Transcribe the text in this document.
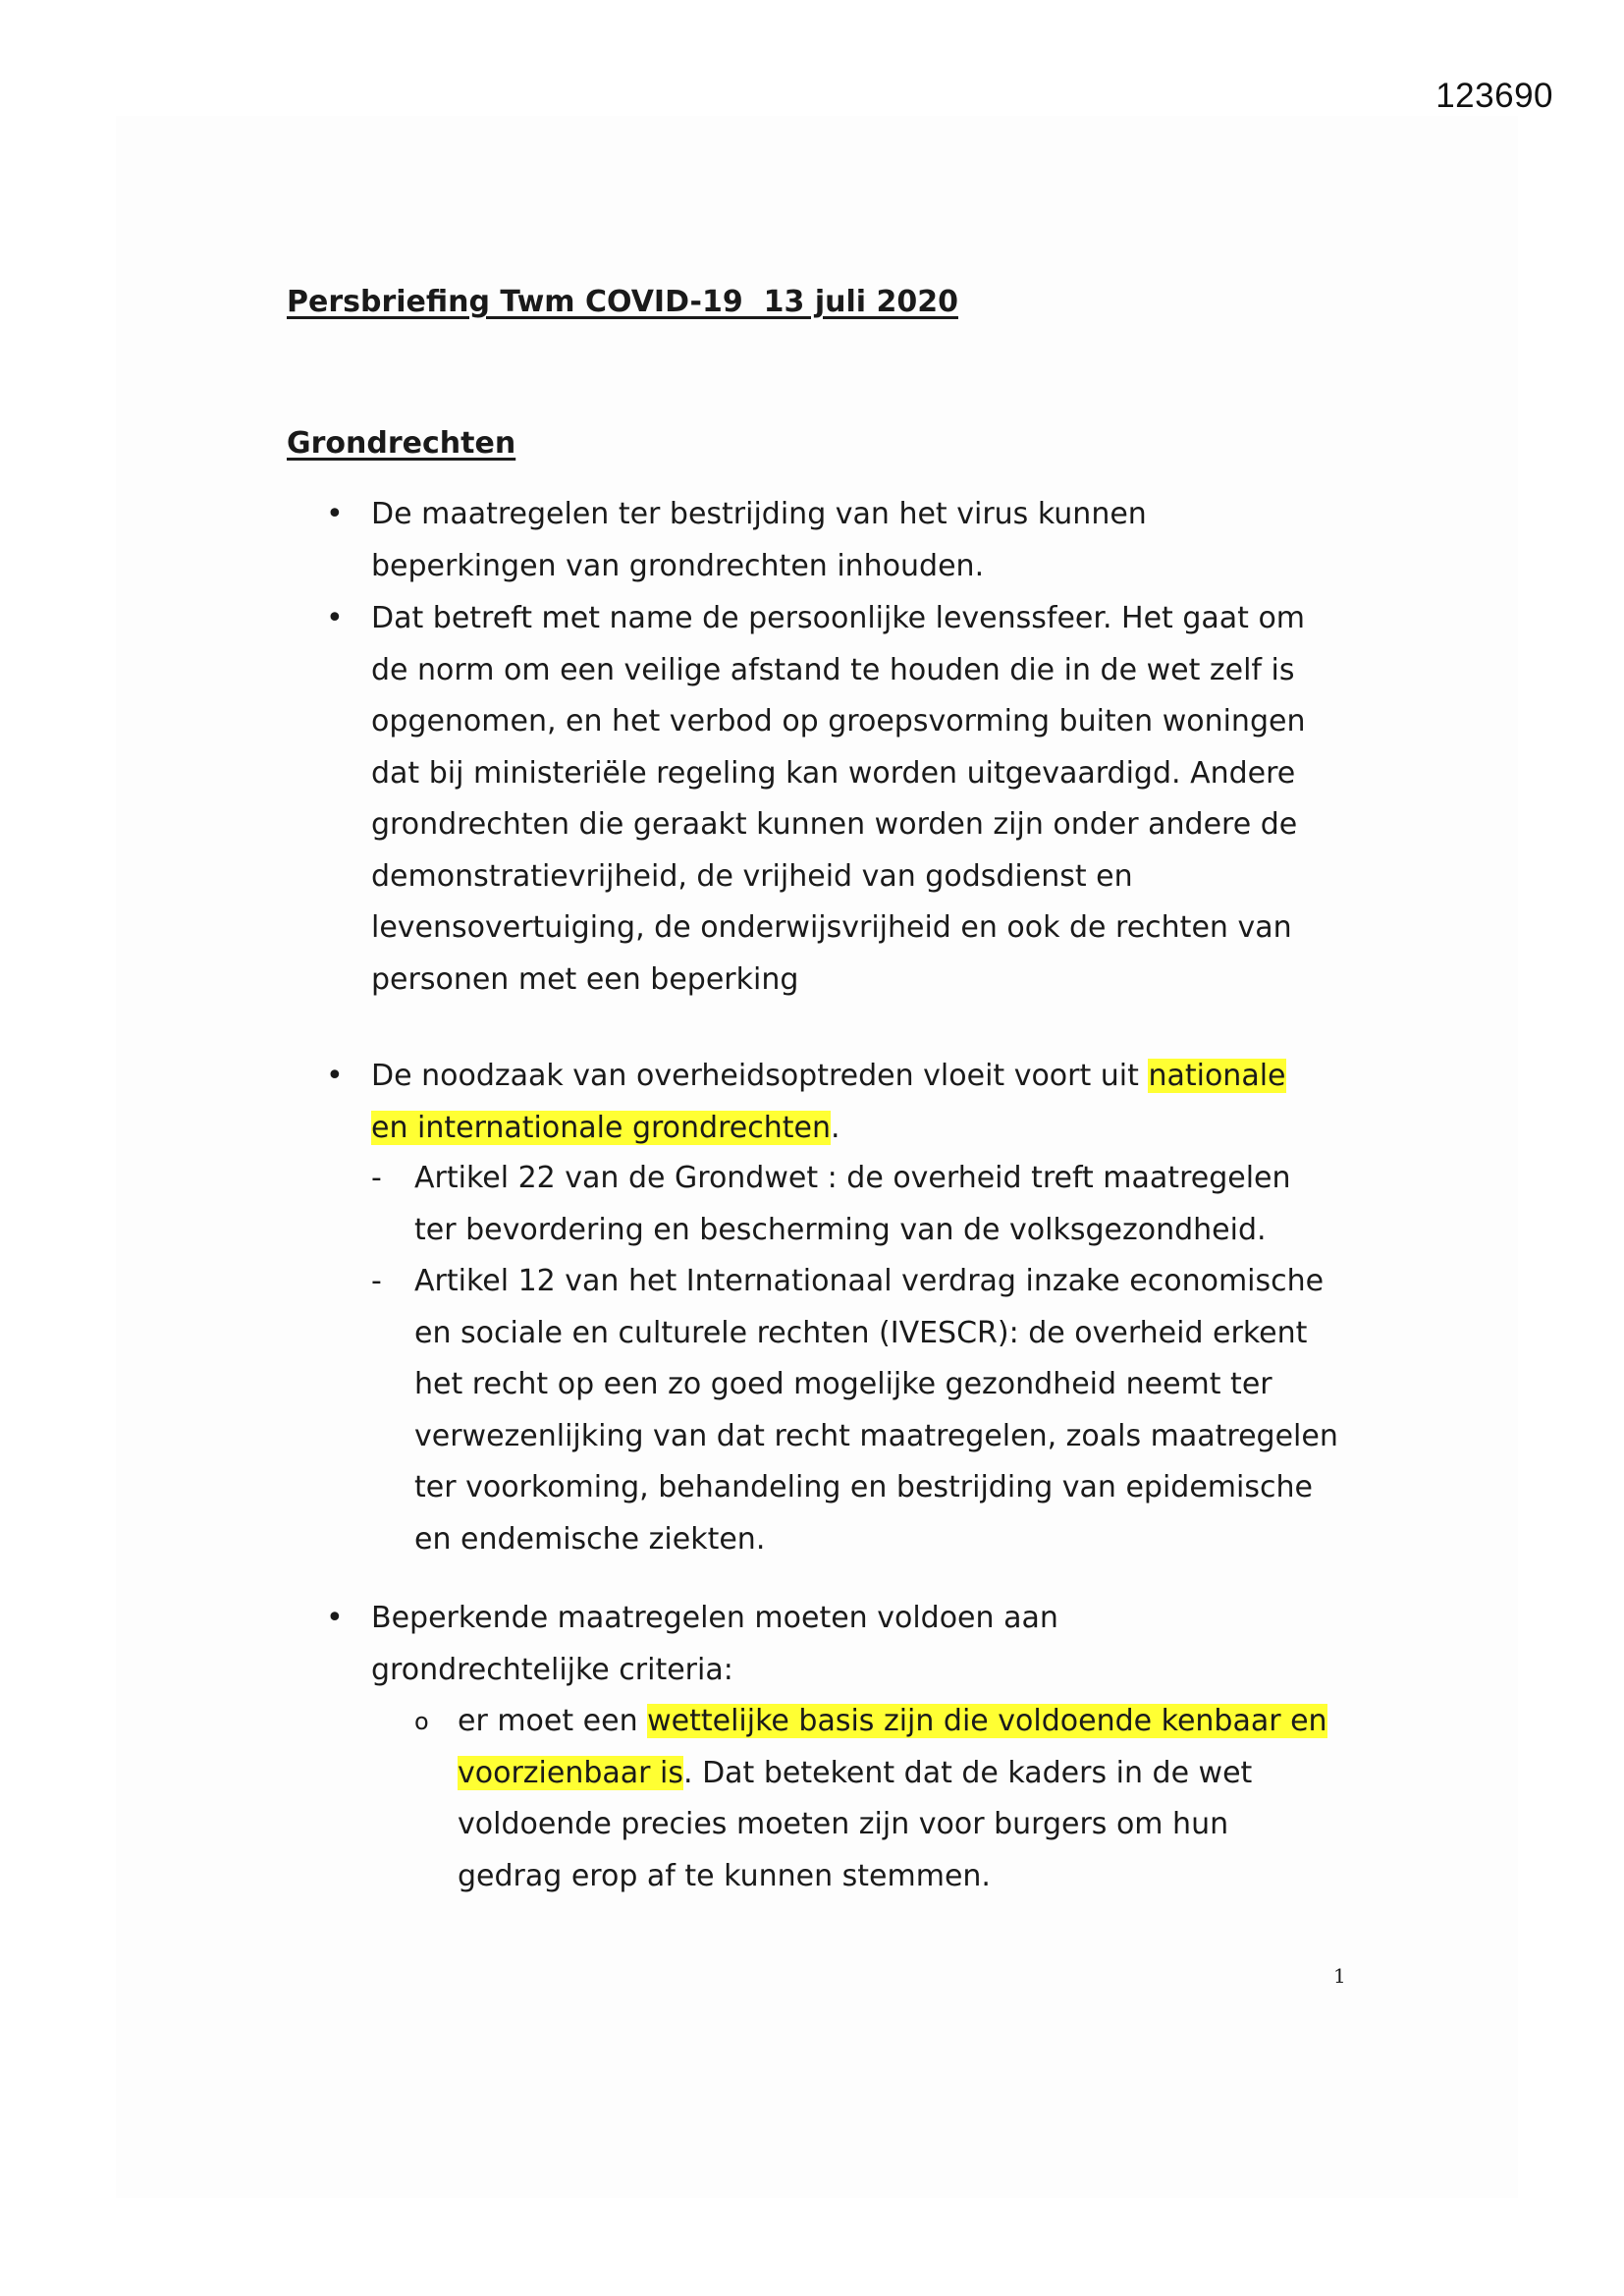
123690
Persbriefing Twm COVID-19  13 juli 2020
Grondrechten
• De maatregelen ter bestrijding van het virus kunnen beperkingen van grondrechten inhouden.

• Dat betreft met name de persoonlijke levenssfeer. Het gaat om de norm om een veilige afstand te houden die in de wet zelf is opgenomen, en het verbod op groepsvorming buiten woningen dat bij ministeriële regeling kan worden uitgevaardigd. Andere grondrechten die geraakt kunnen worden zijn onder andere de demonstratievrijheid, de vrijheid van godsdienst en levensovertuiging, de onderwijsvrijheid en ook de rechten van personen met een beperking

• De noodzaak van overheidsoptreden vloeit voort uit nationale en internationale grondrechten.

- Artikel 22 van de Grondwet : de overheid treft maatregelen ter bevordering en bescherming van de volksgezondheid.

- Artikel 12 van het Internationaal verdrag inzake economische en sociale en culturele rechten (IVESCR): de overheid erkent het recht op een zo goed mogelijke gezondheid neemt ter verwezenlijking van dat recht maatregelen, zoals maatregelen ter voorkoming, behandeling en bestrijding van epidemische en endemische ziekten.

• Beperkende maatregelen moeten voldoen aan grondrechtelijke criteria:

o er moet een wettelijke basis zijn die voldoende kenbaar en voorzienbaar is. Dat betekent dat de kaders in de wet voldoende precies moeten zijn voor burgers om hun gedrag erop af te kunnen stemmen.

1
